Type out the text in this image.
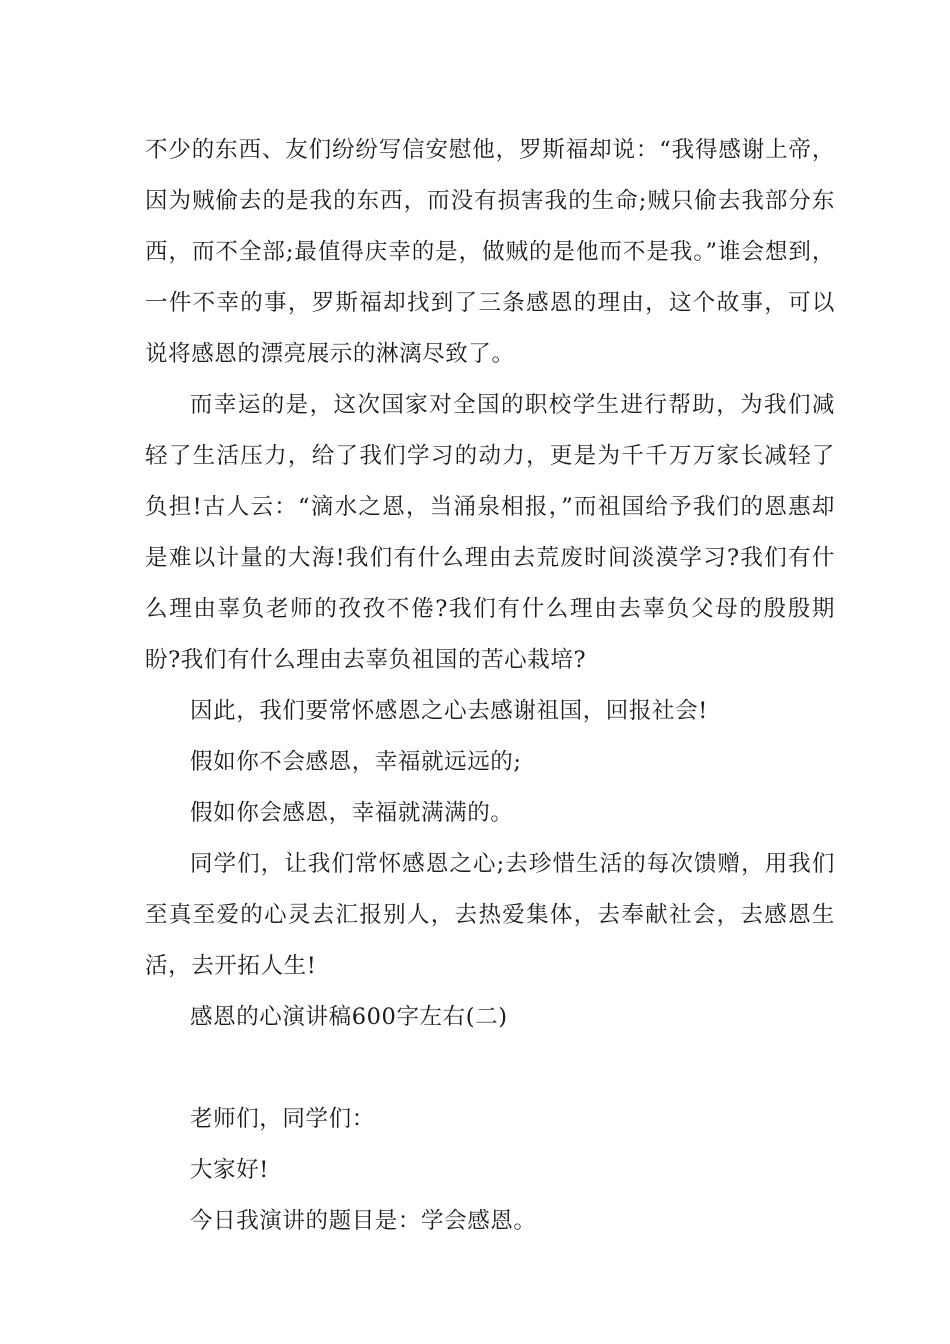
不少的东西、友们纷纷写信安慰他，罗斯福却说：“我得感谢上帝，因为贼偷去的是我的东西，而没有损害我的生命;贼只偷去我部分东西，而不全部;最值得庆幸的是，做贼的是他而不是我。”谁会想到，一件不幸的事，罗斯福却找到了三条感恩的理由，这个故事，可以说将感恩的漂亮展示的淋漓尽致了。

而幸运的是，这次国家对全国的职校学生进行帮助，为我们减轻了生活压力，给了我们学习的动力，更是为千千万万家长减轻了负担!古人云：“滴水之恩，当涌泉相报，”而祖国给予我们的恩惠却是难以计量的大海!我们有什么理由去荒废时间淡漠学习?我们有什么理由辜负老师的孜孜不倦?我们有什么理由去辜负父母的殷殷期盼?我们有什么理由去辜负祖国的苦心栽培?

因此，我们要常怀感恩之心去感谢祖国，回报社会!

假如你不会感恩，幸福就远远的;

假如你会感恩，幸福就满满的。

同学们，让我们常怀感恩之心;去珍惜生活的每次馈赠，用我们至真至爱的心灵去汇报别人，去热爱集体，去奉献社会，去感恩生活，去开拓人生!

感恩的心演讲稿600字左右(二)

老师们，同学们：

大家好!

今日我演讲的题目是：学会感恩。
